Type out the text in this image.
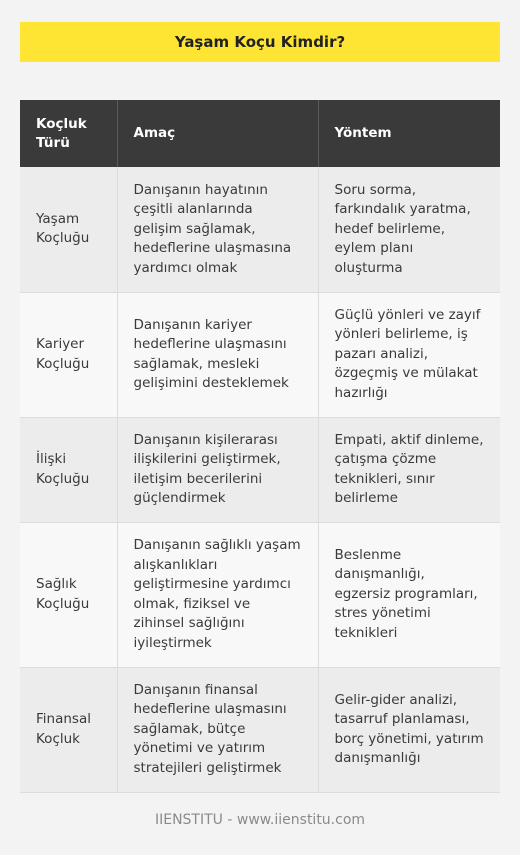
Yaşam Koçu Kimdir?
Koçluk Türü	Amaç	Yöntem
Yaşam Koçluğu	Danışanın hayatının çeşitli alanlarında gelişim sağlamak, hedeflerine ulaşmasına yardımcı olmak	Soru sorma, farkındalık yaratma, hedef belirleme, eylem planı oluşturma
Kariyer Koçluğu	Danışanın kariyer hedeflerine ulaşmasını sağlamak, mesleki gelişimini desteklemek	Güçlü yönleri ve zayıf yönleri belirleme, iş pazarı analizi, özgeçmiş ve mülakat hazırlığı
İlişki Koçluğu	Danışanın kişilerarası ilişkilerini geliştirmek, iletişim becerilerini güçlendirmek	Empati, aktif dinleme, çatışma çözme teknikleri, sınır belirleme
Sağlık Koçluğu	Danışanın sağlıklı yaşam alışkanlıkları geliştirmesine yardımcı olmak, fiziksel ve zihinsel sağlığını iyileştirmek	Beslenme danışmanlığı, egzersiz programları, stres yönetimi teknikleri
Finansal Koçluk	Danışanın finansal hedeflerine ulaşmasını sağlamak, bütçe yönetimi ve yatırım stratejileri geliştirmek	Gelir-gider analizi, tasarruf planlaması, borç yönetimi, yatırım danışmanlığı
IIENSTITU - www.iienstitu.com
